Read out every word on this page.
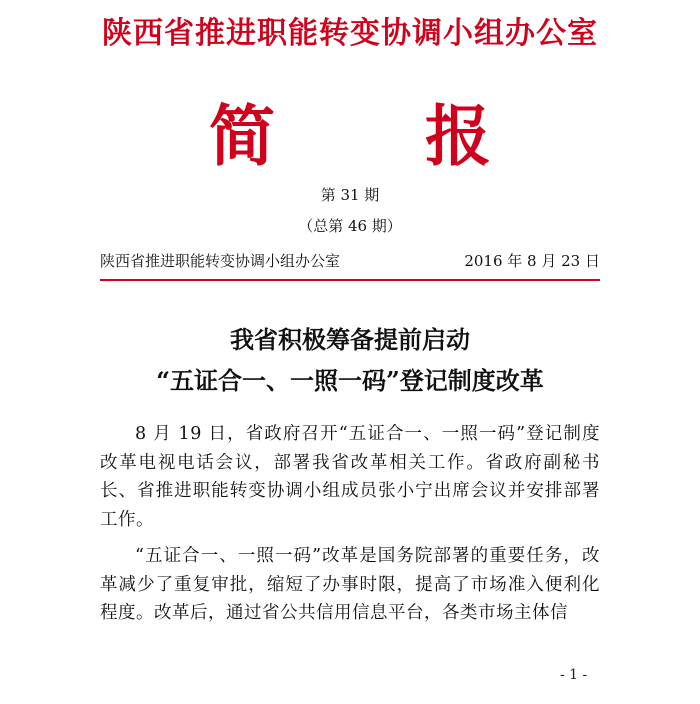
陕西省推进职能转变协调小组办公室
简 报
第 31 期
（总第 46 期）
陕西省推进职能转变协调小组办公室	2016 年 8 月 23 日
我省积极筹备提前启动
“五证合一、一照一码”登记制度改革

8 月 19 日，省政府召开“五证合一、一照一码”登记制度改革电视电话会议，部署我省改革相关工作。省政府副秘书长、省推进职能转变协调小组成员张小宁出席会议并安排部署工作。

“五证合一、一照一码”改革是国务院部署的重要任务，改革减少了重复审批，缩短了办事时限，提高了市场准入便利化程度。改革后，通过省公共信用信息平台，各类市场主体信

- 1 -
